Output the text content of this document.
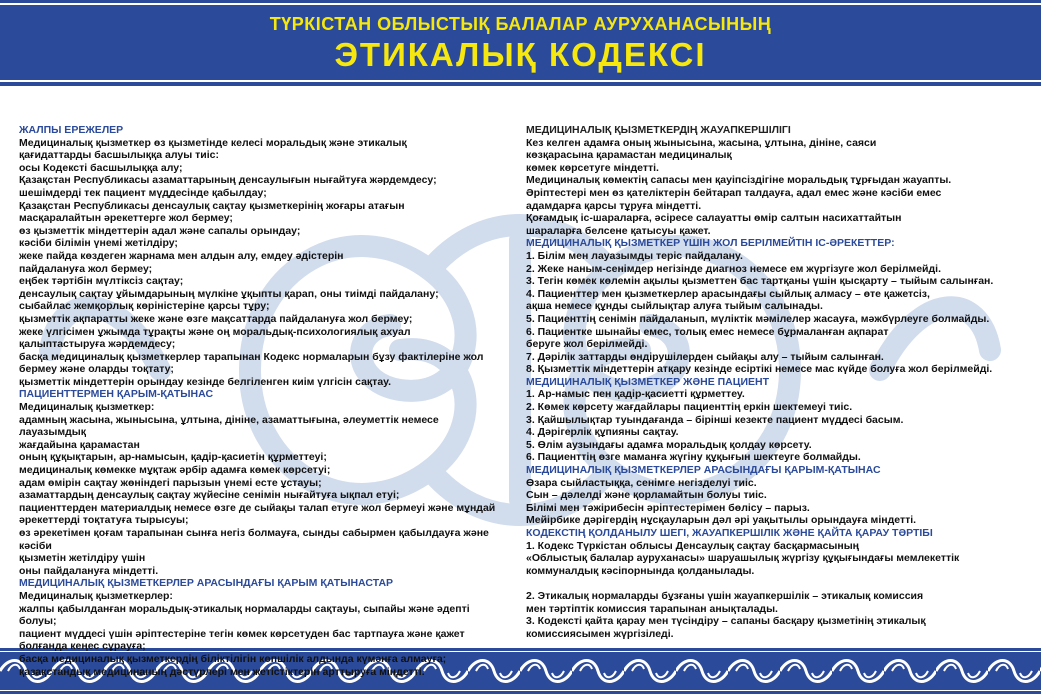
ТҮРКІСТАН ОБЛЫСТЫҚ БАЛАЛАР АУРУХАНАСЫНЫҢ
ЭТИКАЛЫҚ КОДЕКСІ
ЖАЛПЫ ЕРЕЖЕЛЕР
Медициналық қызметкер өз қызметінде келесі моральдық және этикалық
қағидаттарды басшылыққа алуы тиіс:
осы Кодексті басшылыққа алу;
Қазақстан Республикасы азаматтарының денсаулығын нығайтуға жәрдемдесу;
шешімдерді тек пациент мүддесінде қабылдау;
Қазақстан Республикасы денсаулық сақтау қызметкерінің жоғары атағын
масқаралайтын әрекеттерге жол бермеу;
өз қызметтік міндеттерін адал және сапалы орындау;
кәсіби білімін үнемі жетілдіру;
жеке пайда көздеген жарнама мен алдын алу, емдеу әдістерін
пайдалануға жол бермеу;
еңбек тәртібін мүлтіксіз сақтау;
денсаулық сақтау ұйымдарының мүлкіне ұқыпты қарап, оны тиімді пайдалану;
сыбайлас жемқорлық көріністеріне қарсы тұру;
қызметтік ақпаратты жеке және өзге мақсаттарда пайдалануға жол бермеу;
жеке үлгісімен ұжымда тұрақты және оң моральдық-психологиялық ахуал
қалыптастыруға жәрдемдесу;
басқа медициналық қызметкерлер тарапынан Кодекс нормаларын бұзу фактілеріне жол
бермеу және оларды тоқтату;
қызметтік міндеттерін орындау кезінде белгіленген киім үлгісін сақтау.
ПАЦИЕНТТЕРМЕН ҚАРЫМ-ҚАТЫНАС
Медициналық қызметкер:
адамның жасына, жынысына, ұлтына, дініне, азаматтығына, әлеуметтік немесе лауазымдық
жағдайына қарамастан
оның құқықтарын, ар-намысын, қадір-қасиетін құрметтеуі;
медициналық көмекке мұқтаж әрбір адамға көмек көрсетуі;
адам өмірін сақтау жөніндегі парызын үнемі есте ұстауы;
азаматтардың денсаулық сақтау жүйесіне сенімін нығайтуға ықпал етуі;
пациенттерден материалдық немесе өзге де сыйақы талап етуге жол бермеуі және мұндай
әрекеттерді тоқтатуға тырысуы;
өз әрекетімен қоғам тарапынан сынға негіз болмауға, сынды сабырмен қабылдауға және кәсіби
қызметін жетілдіру үшін
оны пайдалануға міндетті.
МЕДИЦИНАЛЫҚ ҚЫЗМЕТКЕРЛЕР АРАСЫНДАҒЫ ҚАРЫМ ҚАТЫНАСТАР
Медициналық қызметкерлер:
жалпы қабылданған моральдық-этикалық нормаларды сақтауы, сыпайы және әдепті болуы;
пациент мүддесі үшін әріптестеріне тегін көмек көрсетуден бас тартпауға және қажет
болғанда кеңес сұрауға;
басқа медициналық қызметкердің біліктілігін көпшілік алдында күмәнға алмауға;
қазақстандық медицинаның дәстүрлері мен жетістіктерін арттыруға міндетті.
МЕДИЦИНАЛЫҚ ҚЫЗМЕТКЕРДІҢ ЖАУАПКЕРШІЛІГІ
Кез келген адамға оның жынысына, жасына, ұлтына, дініне, саяси
көзқарасына қарамастан медициналық
көмек көрсетуге міндетті.
Медициналық көмектің сапасы мен қауіпсіздігіне моральдық тұрғыдан жауапты.
Әріптестері мен өз қателіктерін бейтарап талдауға, адал емес және кәсіби емес
адамдарға қарсы тұруға міндетті.
Қоғамдық іс-шараларға, әсіресе салауатты өмір салтын насихаттайтын
шараларға белсене қатысуы қажет.
МЕДИЦИНАЛЫҚ ҚЫЗМЕТКЕР ҮШІН ЖОЛ БЕРІЛМЕЙТІН ІС-ӘРЕКЕТТЕР:
1. Білім мен лауазымды теріс пайдалану.
2. Жеке наным-сенімдер негізінде диагноз немесе ем жүргізуге жол берілмейді.
3. Тегін көмек көлемін ақылы қызметтен бас тартқаны үшін қысқарту – тыйым салынған.
4. Пациенттер мен қызметкерлер арасындағы сыйлық алмасу – өте қажетсіз,
ақша немесе құнды сыйлықтар алуға тыйым салынады.
5. Пациенттің сенімін пайдаланып, мүліктік мәмілелер жасауға, мәжбүрлеуге болмайды.
6. Пациентке шынайы емес, толық емес немесе бұрмаланған ақпарат
беруге жол берілмейді.
7. Дәрілік заттарды өндірушілерден сыйақы алу – тыйым салынған.
8. Қызметтік міндеттерін атқару кезінде есіртікі немесе мас күйде болуға жол берілмейді.
МЕДИЦИНАЛЫҚ ҚЫЗМЕТКЕР ЖӘНЕ ПАЦИЕНТ
1. Ар-намыс пен қадір-қасиетті құрметтеу.
2. Көмек көрсету жағдайлары пациенттің еркін шектемеуі тиіс.
3. Қайшылықтар туындағанда – бірінші кезекте пациент мүддесі басым.
4. Дәрігерлік құпияны сақтау.
5. Өлім аузындағы адамға моральдық қолдау көрсету.
6. Пациенттің өзге маманға жүгіну құқығын шектеуге болмайды.
МЕДИЦИНАЛЫҚ ҚЫЗМЕТКЕРЛЕР АРАСЫНДАҒЫ ҚАРЫМ-ҚАТЫНАС
Өзара сыйластыққа, сенімге негізделуі тиіс.
Сын – дәлелді және қорламайтын болуы тиіс.
Білімі мен тәжірибесін әріптестерімен бөлісу – парыз.
Мейірбике дәрігердің нұсқауларын дәл әрі уақытылы орындауға міндетті.
КОДЕКСТІҢ ҚОЛДАНЫЛУ ШЕГІ, ЖАУАПКЕРШІЛІК ЖӘНЕ ҚАЙТА ҚАРАУ ТӘРТІБІ
1. Кодекс Түркістан облысы Денсаулық сақтау басқармасының
«Облыстық балалар ауруханасы» шаруашылық жүргізу құқығындағы мемлекеттік
коммуналдық кәсіпорнында қолданылады.
2. Этикалық нормаларды бұзғаны үшін жауапкершілік – этикалық комиссия
мен тәртіптік комиссия тарапынан анықталады.
3. Кодексті қайта қарау мен түсіндіру – сапаны басқару қызметінің этикалық
комиссиясымен жүргізіледі.
